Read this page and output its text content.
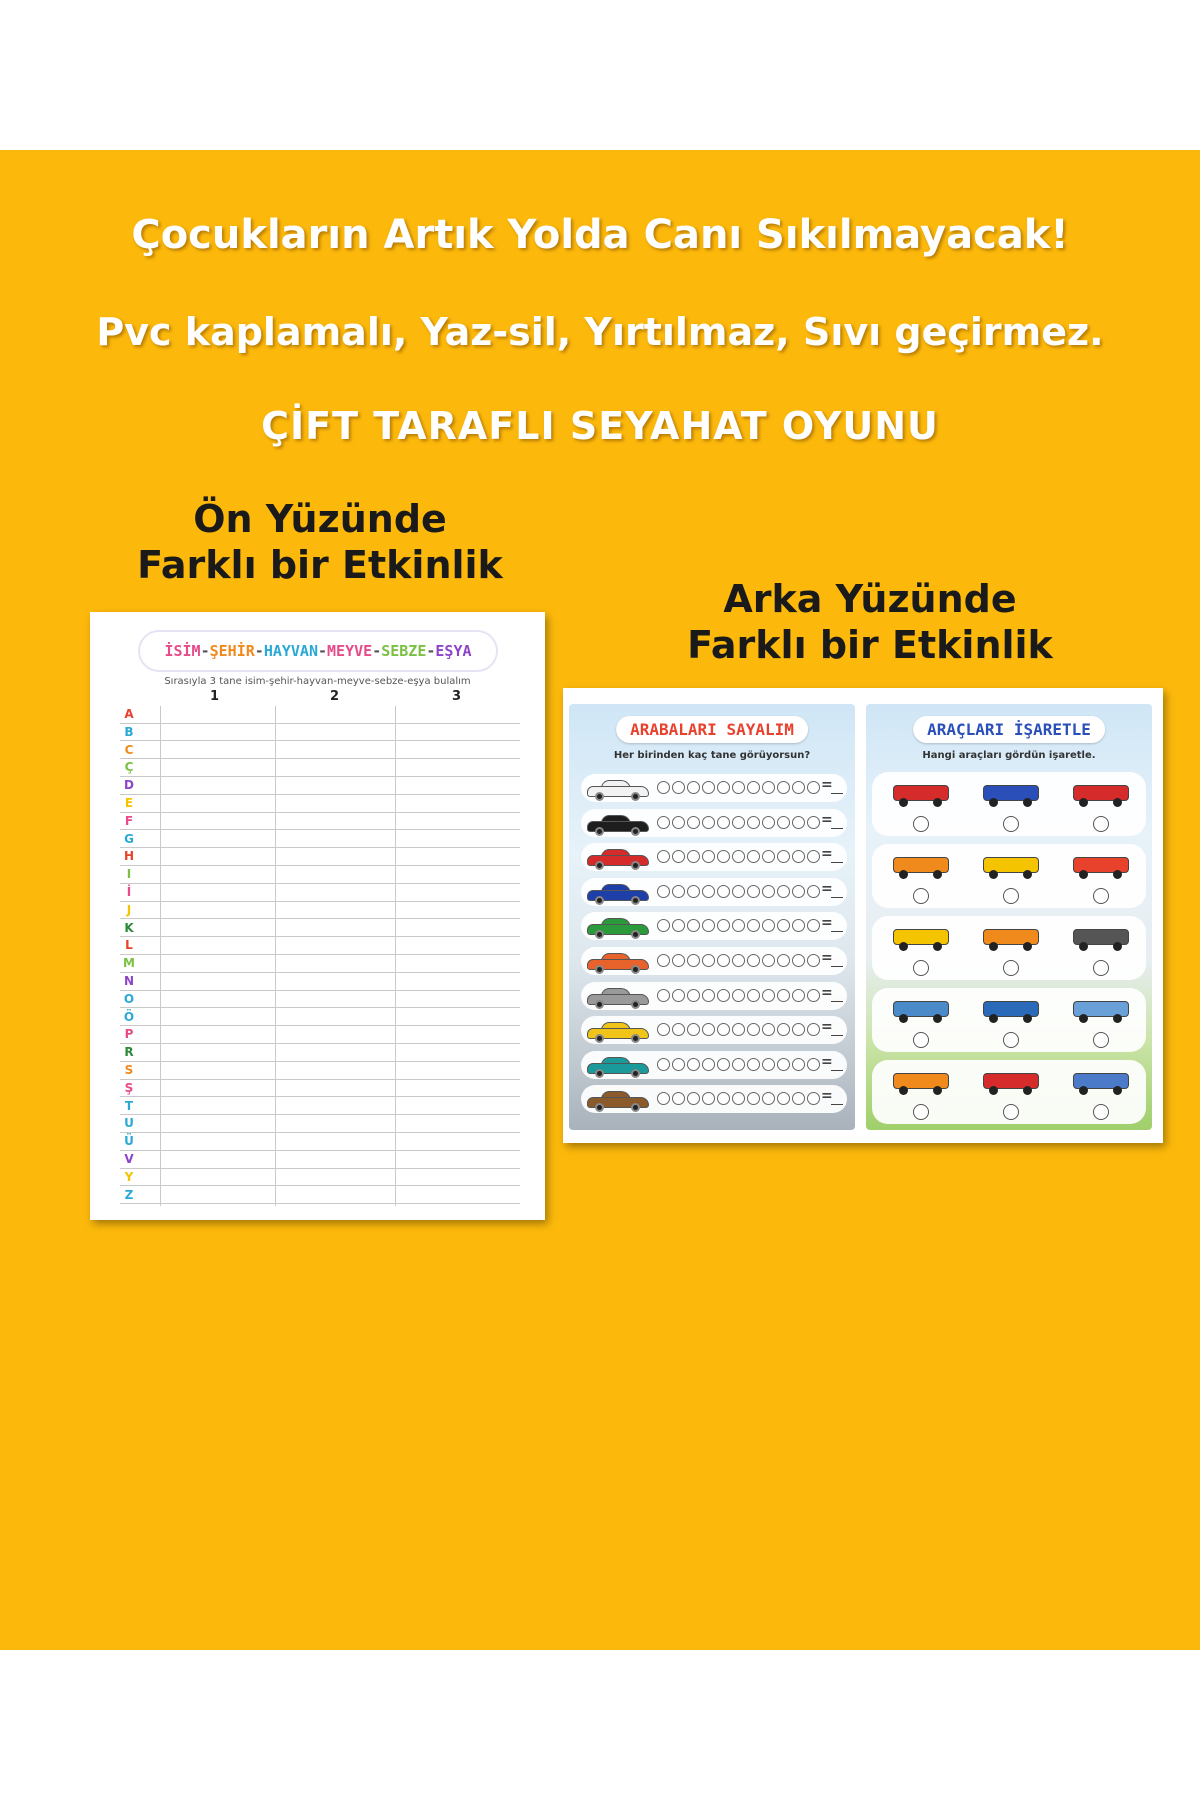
Çocukların Artık Yolda Canı Sıkılmayacak!
Pvc kaplamalı, Yaz-sil, Yırtılmaz, Sıvı geçirmez.
ÇİFT TARAFLI SEYAHAT OYUNU
Ön Yüzünde
Farklı bir Etkinlik
Arka Yüzünde
Farklı bir Etkinlik
İSİM - ŞEHİR - HAYVAN - MEYVE - SEBZE - EŞYA
Sırasıyla 3 tane isim-şehir-hayvan-meyve-sebze-eşya bulalım
1	2	3
A
B
C
Ç
D
E
F
G
H
I
İ
J
K
L
M
N
O
Ö
P
R
S
Ş
T
U
Ü
V
Y
Z
ARABALARI SAYALIM
Her birinden kaç tane görüyorsun?
=
=
=
=
=
=
=
=
=
=
ARAÇLARI İŞARETLE
Hangi araçları gördün işaretle.
